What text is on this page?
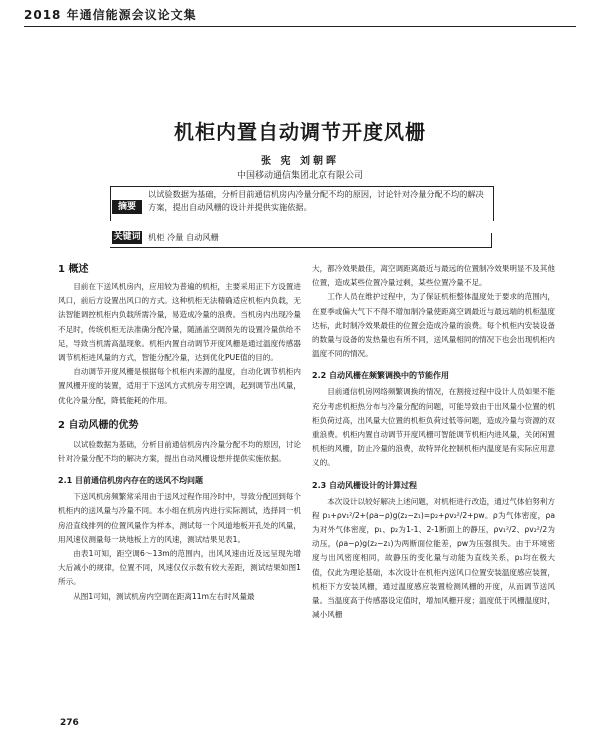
2018 年通信能源会议论文集
机柜内置自动调节开度风栅
张 宪 刘朝晖
中国移动通信集团北京有限公司
摘要
以试验数据为基础，分析目前通信机房内冷量分配不均的原因，讨论针对冷量分配不均的解决方案，提出自动风栅的设计并提供实施依据。
关键词 机柜 冷量 自动风栅
1 概述

目前在下送风机房内，应用较为普遍的机柜，主要采用正下方设置进风口，前后方设置出风口的方式。这种机柜无法精确适应机柜内负载，无法智能调控机柜内负载所需冷量，易造成冷量的浪费。当机房内出现冷量不足时，传统机柜无法准确分配冷量，随涵盖空调预先的设置冷量供给不足，导致当机需高温现象。机柜内置自动调节开度风栅是通过温度传感器调节机柜进风量的方式，智能分配冷量，达到优化PUE值的目的。

自动调节开度风栅是根据每个机柜内来源的温度，自动化调节机柜内置风栅开度的装置，适用于下送风方式机房专用空调，起到调节出风量，优化冷量分配，降低能耗的作用。

2 自动风栅的优势

以试验数据为基础，分析目前通信机房内冷量分配不均的原因，讨论针对冷量分配不均的解决方案，提出自动风栅设想并提供实施依据。

2.1 目前通信机房内存在的送风不均问题

下送风机房频繁常采用由于送风过程作用冷时中，导致分配回到每个机柜内的送风量与冷量不同。本小组在机房内进行实际测试，选择同一机房沿直线排列的位置风量作为样本，测试每一个风道地板开孔处的风量，用风速仪测量每一块地板上方的风速，测试结果见表1。

由表1可知，距空调6～13m的范围内，出风风速由近及远呈现先增大后减小的规律，位置不同，风速仅仅示数有较大差距，测试结果如图1所示。

从图1可知，测试机房内空调在距离11m左右时风量最

大，都冷效果最佳，离空调距离最近与最远的位置制冷效果明显不及其他位置，造成某些位置冷量过剩，某些位置冷量不足。

工作人员在维护过程中，为了保证机柜整体温度处于要求的范围内，在夏季或偏大气下不得不增加制冷量使距离空调最近与最远端的机柜温度达标，此时制冷效果最佳的位置会造成冷量的浪费。每个机柜内安装设备的数量与设备的发热量也有所不同，送风量相同的情况下也会出现机柜内温度不同的情况。

2.2 自动风栅在频繁调换中的节能作用

目前通信机房网络频繁调换的情况，在割接过程中设计人员如果不能充分考虑机柜热分布与冷量分配的问题，可能导致由于出风量小位置的机柜负荷过高，出风量大位置的机柜负荷过低等问题，造成冷量与资源的双重浪费。机柜内置自动调节开度风栅可智能调节机柜内进风量，关闭闲置机柜的风栅，防止冷量的浪费，故特异化控制机柜内温度是有实际应用意义的。

2.3 自动风栅设计的计算过程

本次设计以较好解决上述问题，对机柜进行改造，通过气体伯努利方程 p₁+ρv₁²/2+(ρa−ρ)g(z₂−z₁)=p₂+ρv₂²/2+pw。ρ为气体密度，ρa为对外气体密度，p₁、p₂为1-1、2-1断面上的静压，ρv₁²/2、ρv₂²/2为动压，(ρa−ρ)g(z₂−z₁)为两断面位能差，pw为压强损失。由于环境密度与出风密度相同，故静压的变化量与动能为直线关系，p₁均在极大值，仅此为理论基础，本次设计在机柜内送风口位置安装温度感应装置，机柜下方安装风栅，通过温度感应装置检测风栅的开度，从而调节送风量。当温度高于传感器设定值时，增加风栅开度；温度低于风栅温度时，减小风栅

276
